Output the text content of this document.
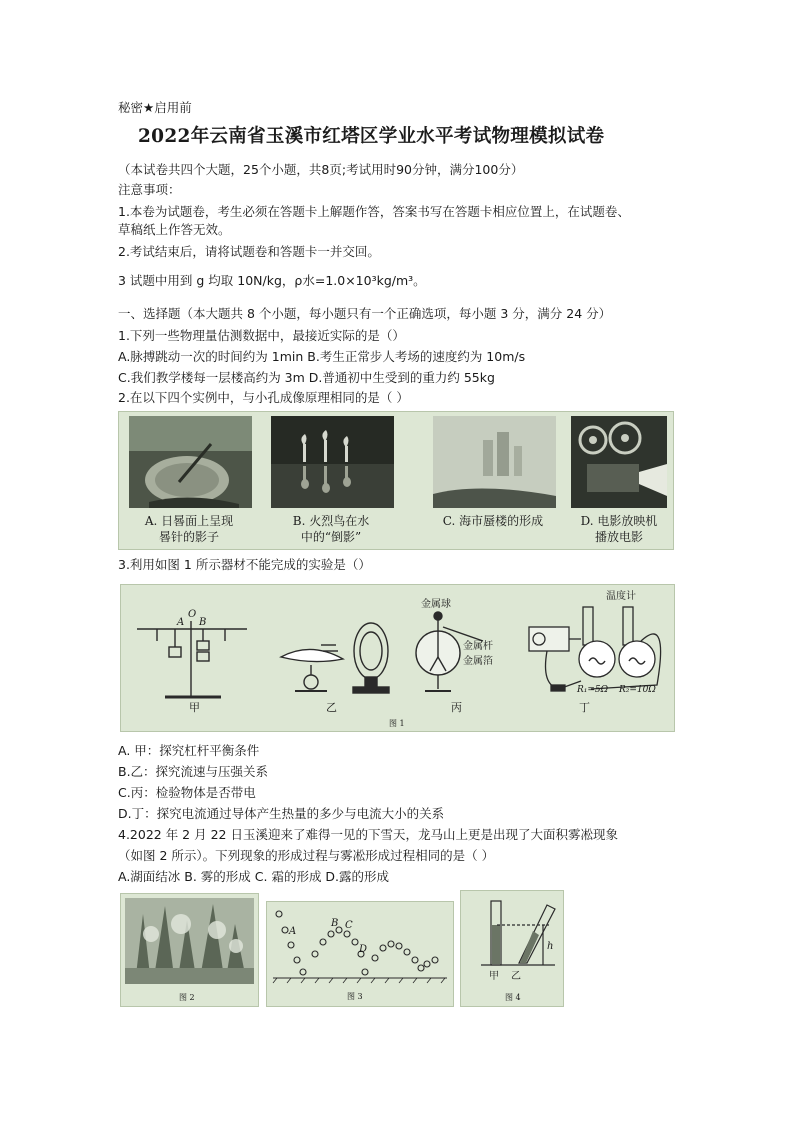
秘密★启用前
2022年云南省玉溪市红塔区学业水平考试物理模拟试卷
（本试卷共四个大题，25个小题，共8页;考试用时90分钟，满分100分）
注意事项：
1.本卷为试题卷，考生必须在答题卡上解题作答，答案书写在答题卡相应位置上，在试题卷、
草稿纸上作答无效。
2.考试结束后，请将试题卷和答题卡一并交回。
3 试题中用到 g 均取 10N/kg，ρ水=1.0×10³kg/m³。
一、选择题（本大题共 8 个小题，每小题只有一个正确选项，每小题 3 分，满分 24 分）
1.下列一些物理量估测数据中，最接近实际的是（）
A.脉搏跳动一次的时间约为 1min B.考生正常步人考场的速度约为 10m/s
C.我们教学楼每一层楼高约为 3m D.普通初中生受到的重力约 55kg
2.在以下四个实例中，与小孔成像原理相同的是（ ）
A. 日晷面上呈现
晷针的影子
B. 火烈鸟在水
中的“倒影”
C. 海市蜃楼的形成	D. 电影放映机
播放电影
3.利用如图 1 所示器材不能完成的实验是（）
A
O
B
甲	乙
金属球
金属杆
金属箔
丙
温度计
R₁=5Ω R₂=10Ω
丁
图 1
A. 甲：探究杠杆平衡条件
B.乙：探究流速与压强关系
C.丙：检验物体是否带电
D.丁：探究电流通过导体产生热量的多少与电流大小的关系
4.2022 年 2 月 22 日玉溪迎来了难得一见的下雪天，龙马山上更是出现了大面积雾凇现象
（如图 2 所示）。下列现象的形成过程与雾凇形成过程相同的是（ ）
A.湖面结冰 B. 雾的形成 C. 霜的形成 D.露的形成
图 2
A
B C
D
图 3
h
甲 乙
图 4
